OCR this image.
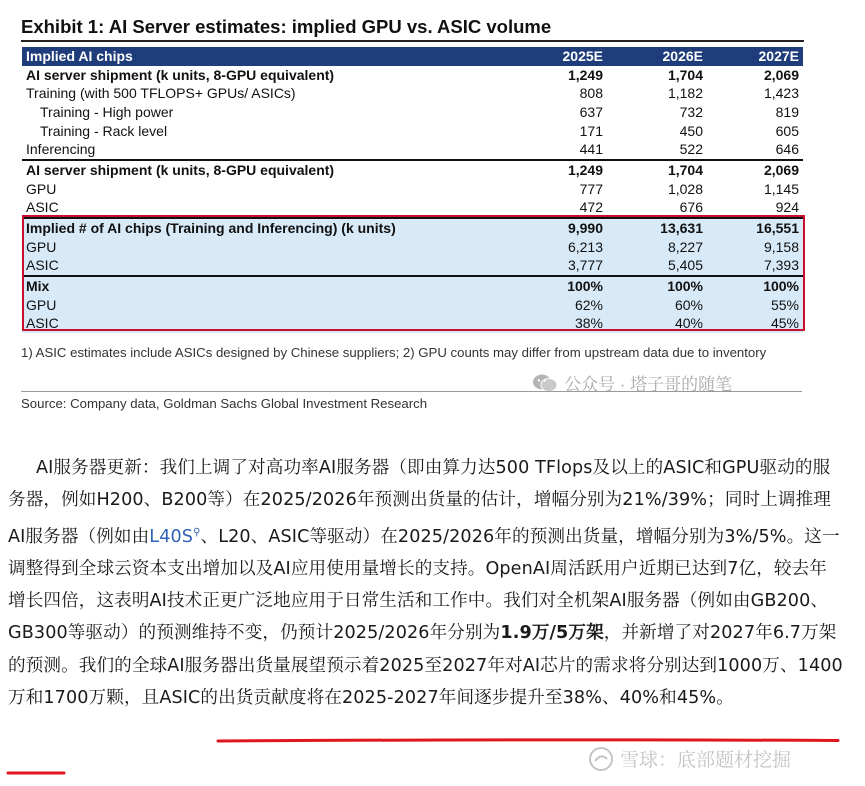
Exhibit 1: AI Server estimates: implied GPU vs. ASIC volume
Implied AI chips	2025E	2026E	2027E
AI server shipment (k units, 8-GPU equivalent)	1,249	1,704	2,069
Training (with 500 TFLOPS+ GPUs/ ASICs)	808	1,182	1,423
Training - High power	637	732	819
Training - Rack level	171	450	605
Inferencing	441	522	646
AI server shipment (k units, 8-GPU equivalent)	1,249	1,704	2,069
GPU	777	1,028	1,145
ASIC	472	676	924
Implied # of AI chips (Training and Inferencing) (k units)	9,990	13,631	16,551
GPU	6,213	8,227	9,158
ASIC	3,777	5,405	7,393
Mix	100%	100%	100%
GPU	62%	60%	55%
ASIC	38%	40%	45%
1) ASIC estimates include ASICs designed by Chinese suppliers; 2) GPU counts may differ from upstream data due to inventory
公众号 · 塔子哥的随笔
Source: Company data, Goldman Sachs Global Investment Research

AI服务器更新：我们上调了对高功率AI服务器（即由算力达500 TFlops及以上的ASIC和GPU驱动的服务器，例如H200、B200等）在2025/2026年预测出货量的估计，增幅分别为21%/39%；同时上调推理AI服务器（例如由L40S⚲、L20、ASIC等驱动）在2025/2026年的预测出货量，增幅分别为3%/5%。这一调整得到全球云资本支出增加以及AI应用使用量增长的支持。OpenAI周活跃用户近期已达到7亿，较去年增长四倍，这表明AI技术正更广泛地应用于日常生活和工作中。我们对全机架AI服务器（例如由GB200、GB300等驱动）的预测维持不变，仍预计2025/2026年分别为1.9万/5万架，并新增了对2027年6.7万架的预测。我们的全球AI服务器出货量展望预示着2025至2027年对AI芯片的需求将分别达到1000万、1400万和1700万颗，且ASIC的出货贡献度将在2025-2027年间逐步提升至38%、40%和45%。

雪球：底部题材挖掘
